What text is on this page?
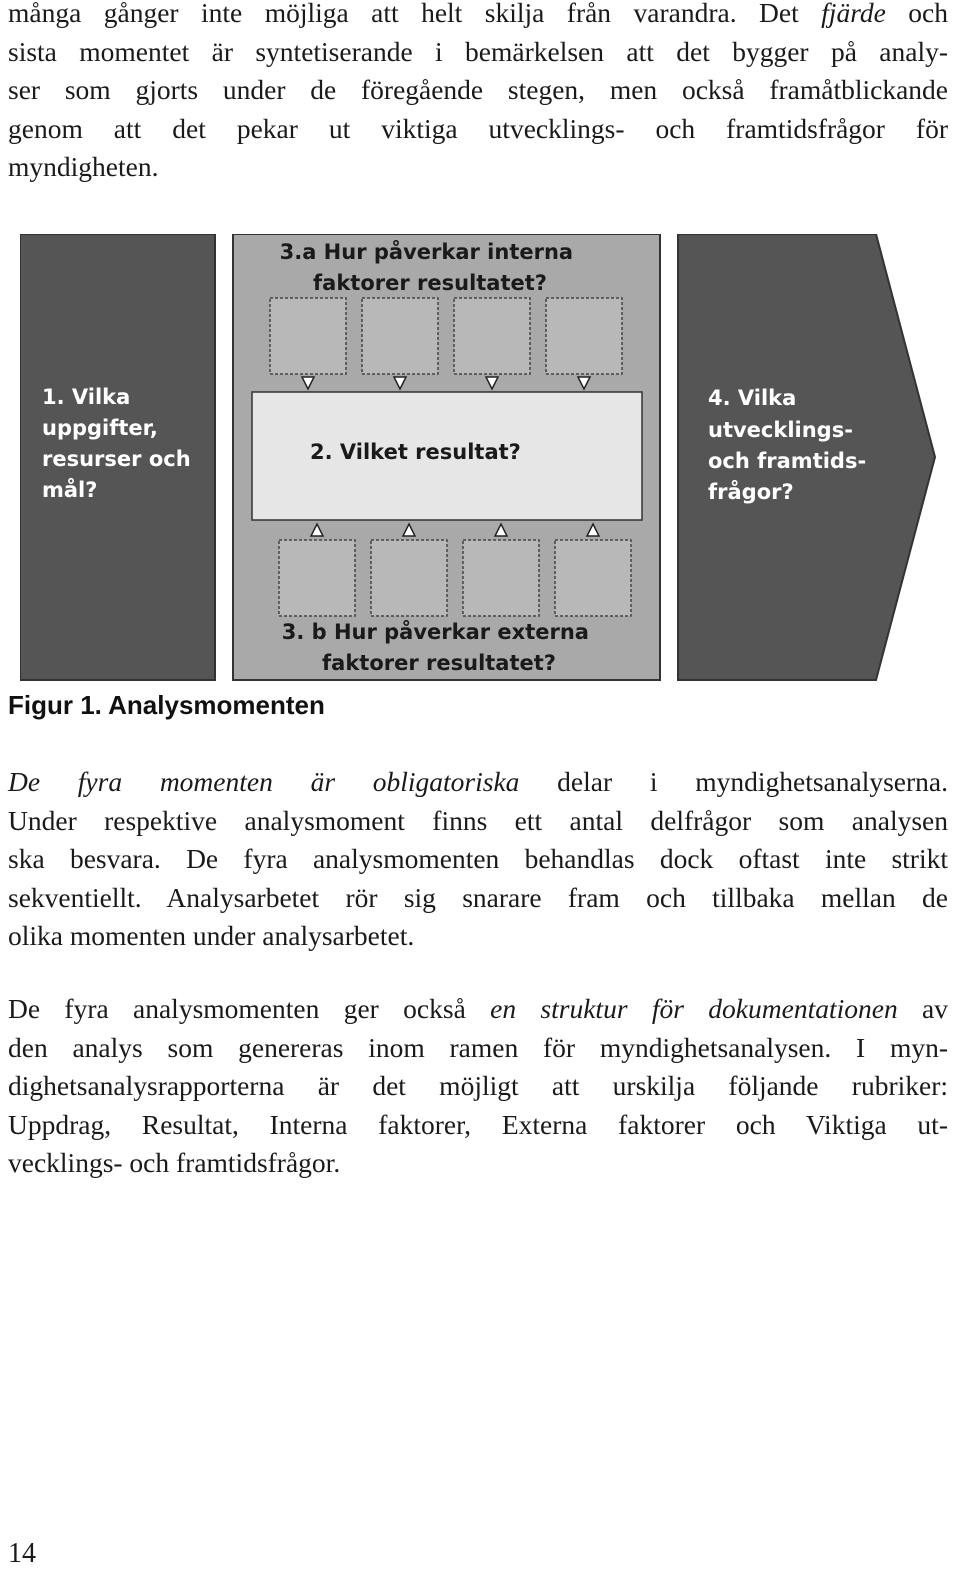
många gånger inte möjliga att helt skilja från varandra. Det fjärde och
sista momentet är syntetiserande i bemärkelsen att det bygger på analy-
ser som gjorts under de föregående stegen, men också framåtblickande
genom att det pekar ut viktiga utvecklings- och framtidsfrågor för
myndigheten.
1. Vilka uppgifter, resurser och mål?
3.a Hur påverkar interna faktorer resultatet?
2. Vilket resultat?
3. b Hur påverkar externa faktorer resultatet?
4. Vilka utvecklings- och framtids- frågor?
Figur 1. Analysmomenten
De fyra momenten är obligatoriska delar i myndighetsanalyserna.
Under respektive analysmoment finns ett antal delfrågor som analysen
ska besvara. De fyra analysmomenten behandlas dock oftast inte strikt
sekventiellt. Analysarbetet rör sig snarare fram och tillbaka mellan de
olika momenten under analysarbetet.
De fyra analysmomenten ger också en struktur för dokumentationen av
den analys som genereras inom ramen för myndighetsanalysen. I myn-
dighetsanalysrapporterna är det möjligt att urskilja följande rubriker:
Uppdrag, Resultat, Interna faktorer, Externa faktorer och Viktiga ut-
vecklings- och framtidsfrågor.
14
